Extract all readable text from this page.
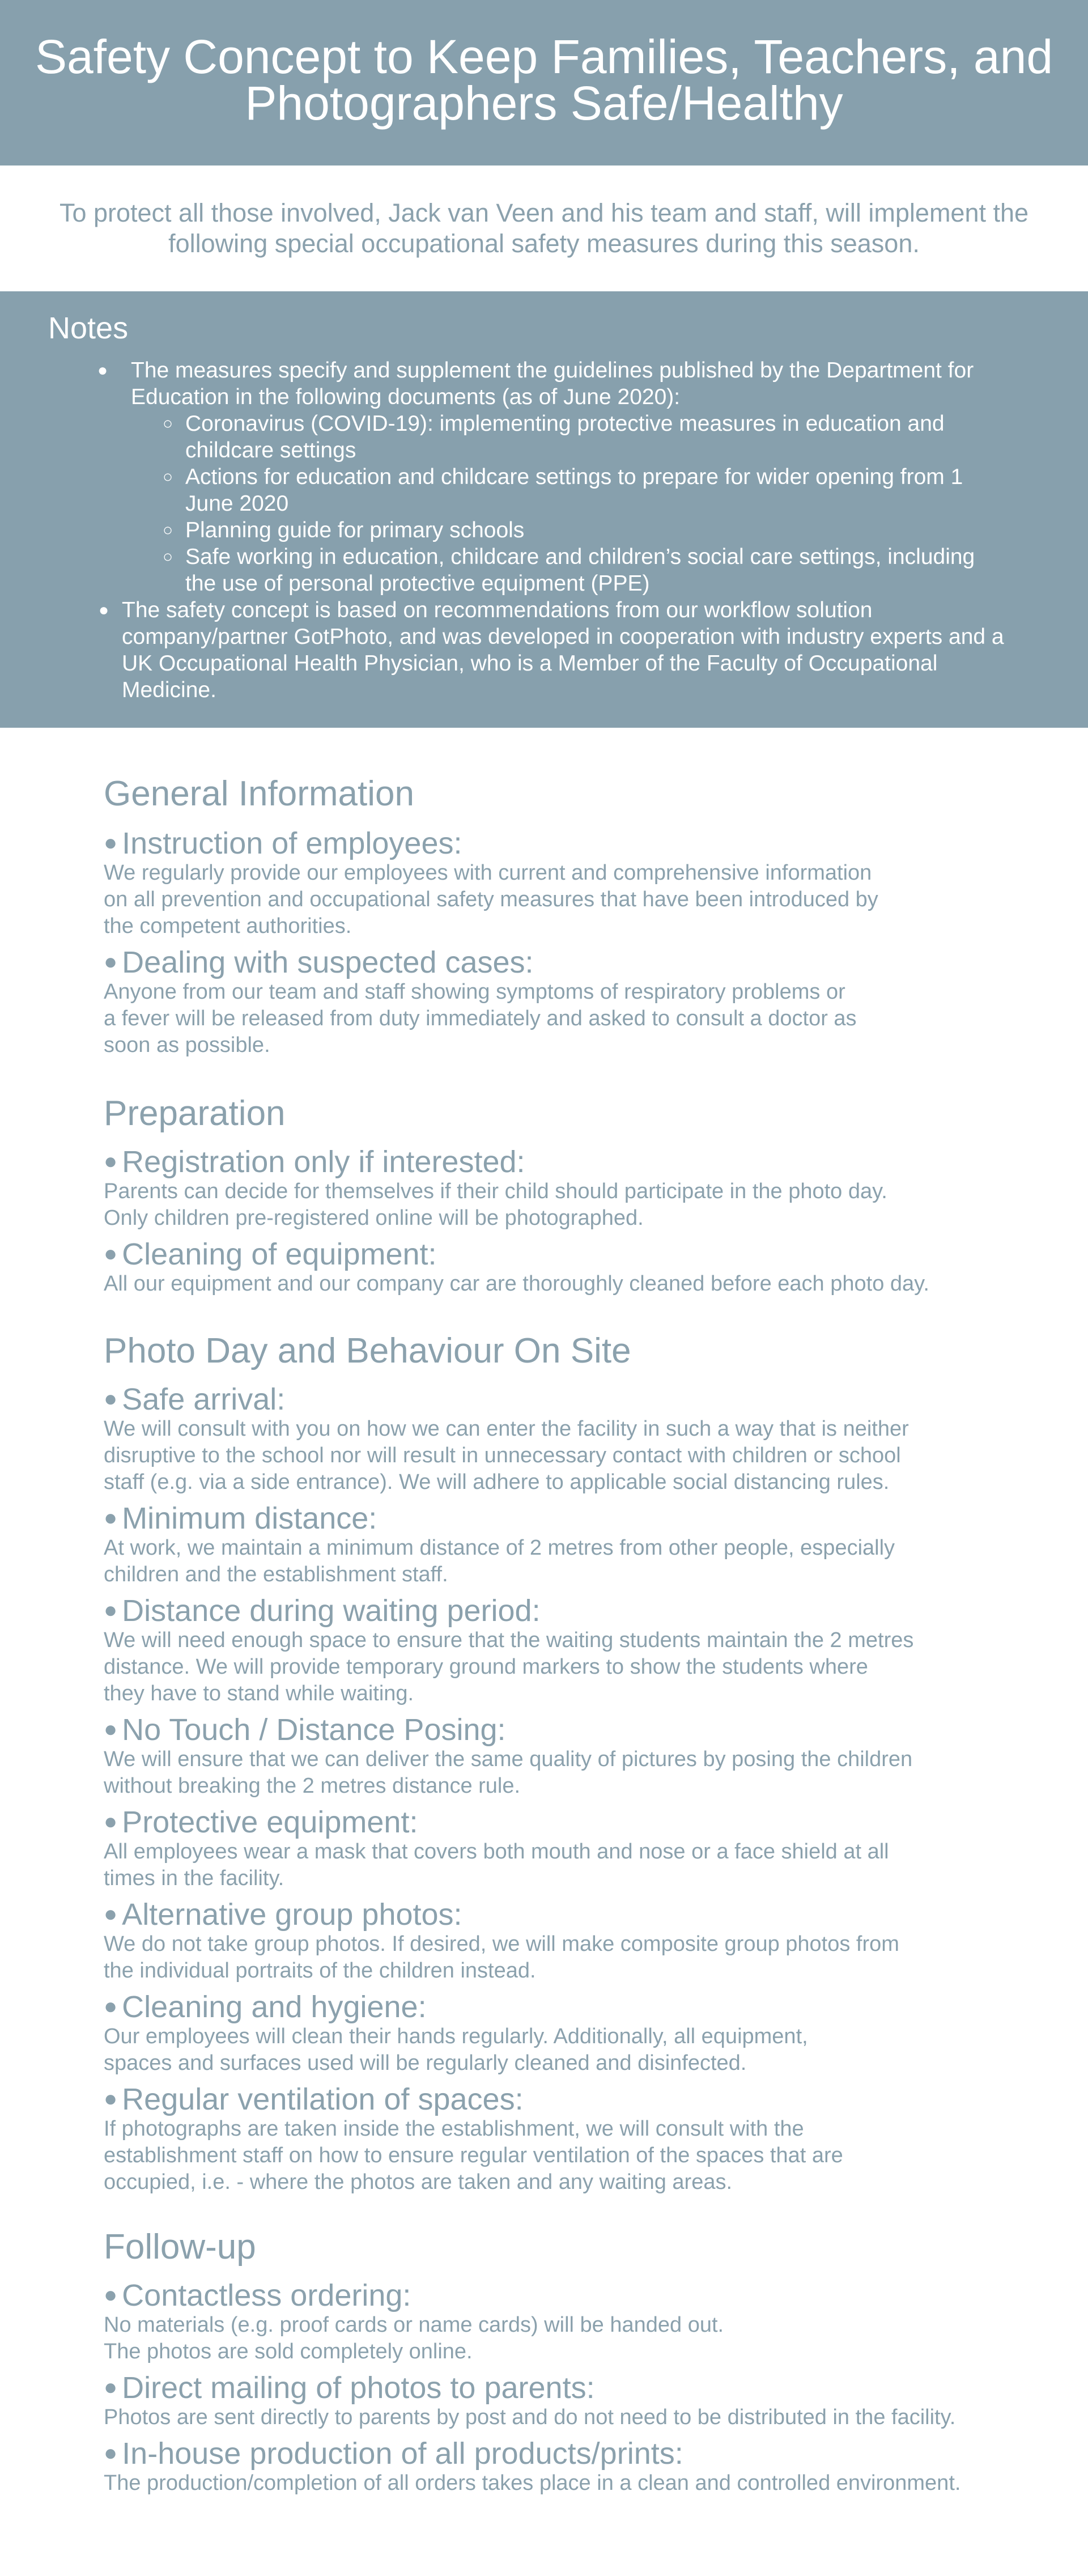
Safety Concept to Keep Families, Teachers, and Photographers Safe/Healthy

To protect all those involved, Jack van Veen and his team and staff, will implement the following special occupational safety measures during this season.

Notes
● The measures specify and supplement the guidelines published by the Department for Education in the following documents (as of June 2020):
○ Coronavirus (COVID-19): implementing protective measures in education and childcare settings
○ Actions for education and childcare settings to prepare for wider opening from 1 June 2020
○ Planning guide for primary schools
○ Safe working in education, childcare and children’s social care settings, including the use of personal protective equipment (PPE)
● The safety concept is based on recommendations from our workflow solution company/partner GotPhoto, and was developed in cooperation with industry experts and a UK Occupational Health Physician, who is a Member of the Faculty of Occupational Medicine.
General Information
● Instruction of employees:

We regularly provide our employees with current and comprehensive information
on all prevention and occupational safety measures that have been introduced by
the competent authorities.

● Dealing with suspected cases:

Anyone from our team and staff showing symptoms of respiratory problems or
a fever will be released from duty immediately and asked to consult a doctor as
soon as possible.

Preparation
● Registration only if interested:

Parents can decide for themselves if their child should participate in the photo day.
Only children pre-registered online will be photographed.

● Cleaning of equipment:

All our equipment and our company car are thoroughly cleaned before each photo day.

Photo Day and Behaviour On Site
● Safe arrival:

We will consult with you on how we can enter the facility in such a way that is neither
disruptive to the school nor will result in unnecessary contact with children or school
staff (e.g. via a side entrance). We will adhere to applicable social distancing rules.

● Minimum distance:

At work, we maintain a minimum distance of 2 metres from other people, especially
children and the establishment staff.

● Distance during waiting period:

We will need enough space to ensure that the waiting students maintain the 2 metres
distance. We will provide temporary ground markers to show the students where
they have to stand while waiting.

● No Touch / Distance Posing:

We will ensure that we can deliver the same quality of pictures by posing the children
without breaking the 2 metres distance rule.

● Protective equipment:

All employees wear a mask that covers both mouth and nose or a face shield at all
times in the facility.

● Alternative group photos:

We do not take group photos. If desired, we will make composite group photos from
the individual portraits of the children instead.

● Cleaning and hygiene:

Our employees will clean their hands regularly. Additionally, all equipment,
spaces and surfaces used will be regularly cleaned and disinfected.

● Regular ventilation of spaces:

If photographs are taken inside the establishment, we will consult with the
establishment staff on how to ensure regular ventilation of the spaces that are
occupied, i.e. - where the photos are taken and any waiting areas.

Follow-up
● Contactless ordering:

No materials (e.g. proof cards or name cards) will be handed out.
The photos are sold completely online.

● Direct mailing of photos to parents:

Photos are sent directly to parents by post and do not need to be distributed in the facility.

● In-house production of all products/prints:

The production/completion of all orders takes place in a clean and controlled environment.
